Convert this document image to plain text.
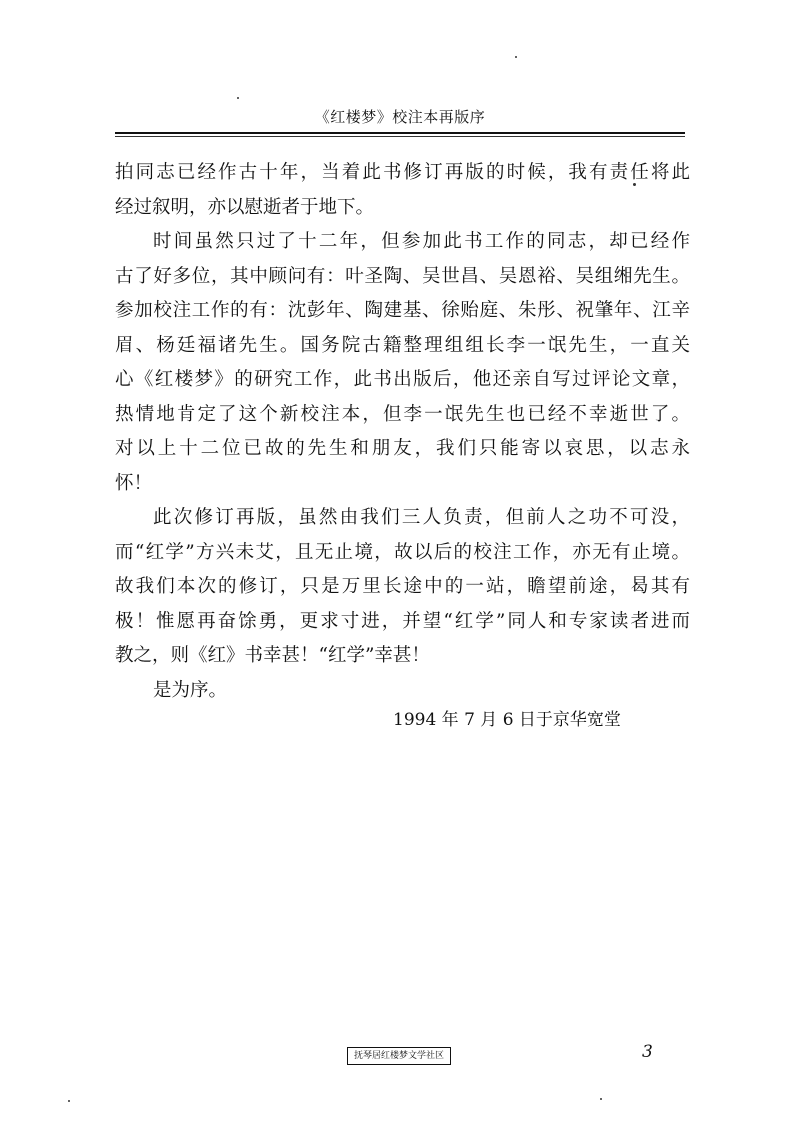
《红楼梦》校注本再版序
拍同志已经作古十年，当着此书修订再版的时候，我有责任将此
经过叙明，亦以慰逝者于地下。
时间虽然只过了十二年，但参加此书工作的同志，却已经作
古了好多位，其中顾问有：叶圣陶、吴世昌、吴恩裕、吴组缃先生。
参加校注工作的有：沈彭年、陶建基、徐贻庭、朱彤、祝肇年、江辛
眉、杨廷福诸先生。国务院古籍整理组组长李一氓先生，一直关
心《红楼梦》的研究工作，此书出版后，他还亲自写过评论文章，
热情地肯定了这个新校注本，但李一氓先生也已经不幸逝世了。
对以上十二位已故的先生和朋友，我们只能寄以哀思，以志永
怀！
此次修订再版，虽然由我们三人负责，但前人之功不可没，
而“红学”方兴未艾，且无止境，故以后的校注工作，亦无有止境。
故我们本次的修订，只是万里长途中的一站，瞻望前途，曷其有
极！惟愿再奋馀勇，更求寸进，并望“红学”同人和专家读者进而
教之，则《红》书幸甚！“红学”幸甚！
是为序。
1994 年 7 月 6 日于京华宽堂
抚琴居红楼梦文学社区	3
